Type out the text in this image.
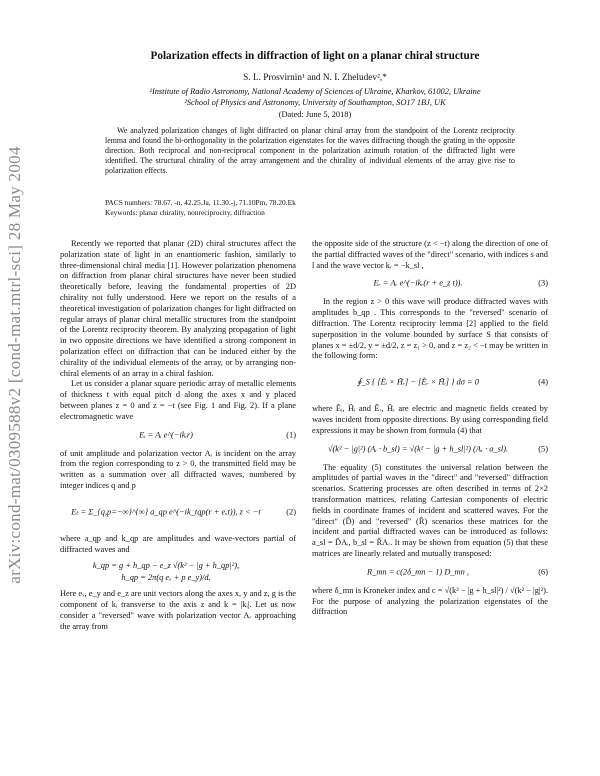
arXiv:cond-mat/0309588v2 [cond-mat.mtrl-sci] 28 May 2004
Polarization effects in diffraction of light on a planar chiral structure
S. L. Prosvirnin¹ and N. I. Zheludev²,*
¹Institute of Radio Astronomy, National Academy of Sciences of Ukraine, Kharkov, 61002, Ukraine
²School of Physics and Astronomy, University of Southampton, SO17 1BJ, UK
(Dated: June 5, 2018)

We analyzed polarization changes of light diffracted on planar chiral array from the standpoint of the Lorentz reciprocity lemma and found the bi-orthogonality in the polarization eigenstates for the waves diffracting though the grating in the opposite direction. Both reciprocal and non-reciprocal component in the polarization azimuth rotation of the diffracted light were identified. The structural chirality of the array arrangement and the chirality of individual elements of the array give rise to polarization effects.

PACS numbers: 78.67. -n, 42.25.Ja, 11.30.-j, 71.10Pm, 78.20.Ek
Keywords: planar chirality, nonreciprocity, diffraction

Recently we reported that planar (2D) chiral structures affect the polarization state of light in an enantiomeric fashion, similarly to three-dimensional chiral media [1]. However polarization phenomena on diffraction from planar chiral structures have never been studied theoretically before, leaving the fundamental properties of 2D chirality not fully understood. Here we report on the results of a theoretical investigation of polarization changes for light diffracted on regular arrays of planar chiral metallic structures from the standpoint of the Lorentz reciprocity theorem. By analyzing propagation of light in two opposite directions we have identified a strong component in polarization effect on diffraction that can be induced either by the chirality of the individual elements of the array, or by arranging non-chiral elements of an array in a chiral fashion.

Let us consider a planar square periodic array of metallic elements of thickness t with equal pitch d along the axes x and y placed between planes z = 0 and z = −t (see Fig. 1 and Fig. 2). If a plane electromagnetic wave

Eᵢ = Aᵢ e^(−ikᵢr)	(1)

of unit amplitude and polarization vector Aᵢ is incident on the array from the region corresponding to z > 0, the transmitted field may be written as a summation over all diffracted waves, numbered by integer indices q and p

Eₜ = Σ_{q,p=−∞}^{∞} a_qp e^(−ik_tqp(r + eₓt)), z < −t	(2)

where a_qp and k_qp are amplitudes and wave-vectors partial of diffracted waves and

k_qp = g + h_qp − e_z √(k² − |g + h_qp|²),
h_qp = 2π(q eₓ + p e_y)/d.

Here eₓ, e_y and e_z are unit vectors along the axes x, y and z, g is the component of kᵢ transverse to the axis z and k = |kᵢ|. Let us now consider a "reversed" wave with polarization vector Aᵣ approaching the array from

the opposite side of the structure (z < −t) along the direction of one of the partial diffracted waves of the "direct" scenario, with indices s and l and the wave vector kᵣ = −k_sl ,

Eᵣ = Aᵣ e^(−ikᵣ(r + e_z t)).	(3)

In the region z > 0 this wave will produce diffracted waves with amplitudes b_qp . This corresponds to the "reversed" scenario of diffraction. The Lorentz reciprocity lemma [2] applied to the field superposition in the volume bounded by surface S that consists of planes x = ±d/2, y = ±d/2, z = z₁ > 0, and z = z₂ < −t may be written in the following form:

∮_S { [Ẽᵢ × H̃ᵣ] − [Ẽᵣ × H̃ᵢ] } dσ = 0	(4)

where Ẽᵢ, H̃ᵢ and Ẽᵣ, H̃ᵣ are electric and magnetic fields created by waves incident from opposite directions. By using corresponding field expressions it may be shown from formula (4) that

√(k² − |g|²) (Aᵢ · b_sl) = √(k² − |g + h_sl|²) (Aᵣ · a_sl).	(5)

The equality (5) constitutes the universal relation between the amplitudes of partial waves in the "direct" and "reversed" diffraction scenarios. Scattering processes are often described in terms of 2×2 transformation matrices, relating Cartesian components of electric fields in coordinate frames of incident and scattered waves. For the "direct" (D̂) and "reversed" (R̂) scenarios these matrices for the incident and partial diffracted waves can be introduced as follows: a_sl = D̂Aᵢ, b_sl = R̂Aᵣ. It may be shown from equation (5) that these matrices are linearly related and mutually transposed:

R_mn = c(2δ_mn − 1) D_mn ,	(6)

where δ_mn is Kroneker index and c = √(k² − |g + h_sl|²) / √(k² − |g|²). For the purpose of analyzing the polarization eigenstates of the diffraction
